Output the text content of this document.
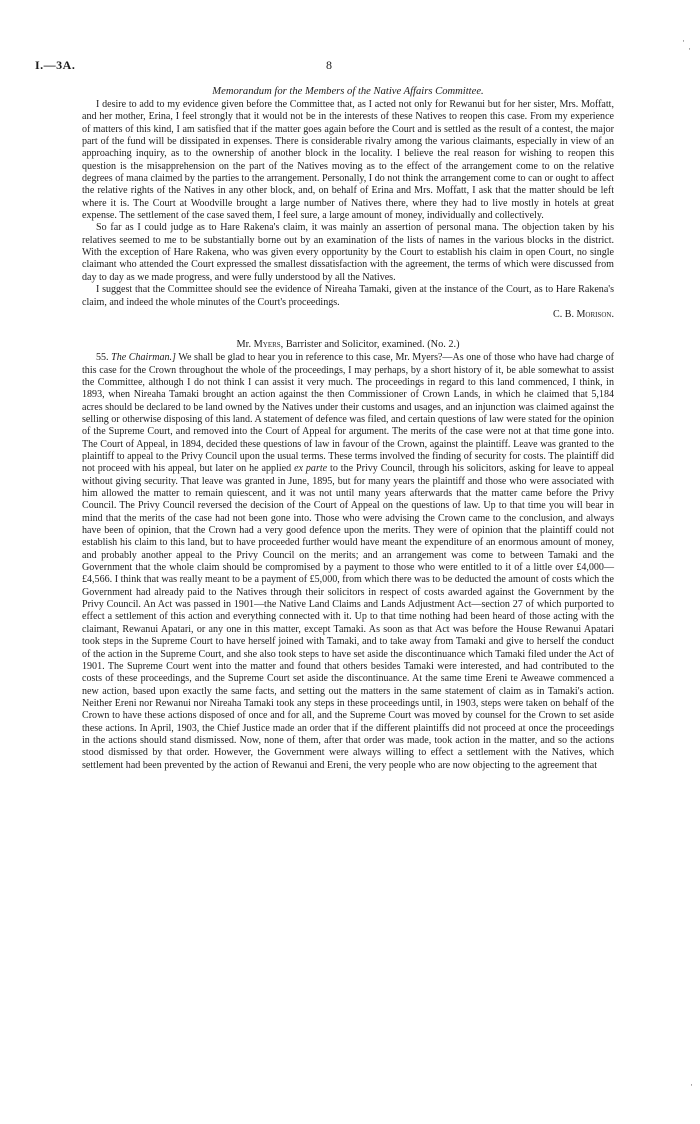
·
·
·
I.—3A.	8
Memorandum for the Members of the Native Affairs Committee.

I desire to add to my evidence given before the Committee that, as I acted not only for Rewanui but for her sister, Mrs. Moffatt, and her mother, Erina, I feel strongly that it would not be in the interests of these Natives to reopen this case. From my experience of matters of this kind, I am satisfied that if the matter goes again before the Court and is settled as the result of a contest, the major part of the fund will be dissipated in expenses. There is considerable rivalry among the various claimants, especially in view of an approaching inquiry, as to the ownership of another block in the locality. I believe the real reason for wishing to reopen this question is the misapprehension on the part of the Natives moving as to the effect of the arrangement come to on the relative degrees of mana claimed by the parties to the arrangement. Personally, I do not think the arrangement come to can or ought to affect the relative rights of the Natives in any other block, and, on behalf of Erina and Mrs. Moffatt, I ask that the matter should be left where it is. The Court at Woodville brought a large number of Natives there, where they had to live mostly in hotels at great expense. The settlement of the case saved them, I feel sure, a large amount of money, individually and collectively.

So far as I could judge as to Hare Rakena's claim, it was mainly an assertion of personal mana. The objection taken by his relatives seemed to me to be substantially borne out by an examination of the lists of names in the various blocks in the district. With the exception of Hare Rakena, who was given every opportunity by the Court to establish his claim in open Court, no single claimant who attended the Court expressed the smallest dissatisfaction with the agreement, the terms of which were discussed from day to day as we made progress, and were fully understood by all the Natives.

I suggest that the Committee should see the evidence of Nireaha Tamaki, given at the instance of the Court, as to Hare Rakena's claim, and indeed the whole minutes of the Court's proceedings.

C. B. Morison.
Mr. Myers, Barrister and Solicitor, examined. (No. 2.)

55. The Chairman.] We shall be glad to hear you in reference to this case, Mr. Myers?—As one of those who have had charge of this case for the Crown throughout the whole of the proceedings, I may perhaps, by a short history of it, be able somewhat to assist the Committee, although I do not think I can assist it very much. The proceedings in regard to this land commenced, I think, in 1893, when Nireaha Tamaki brought an action against the then Commissioner of Crown Lands, in which he claimed that 5,184 acres should be declared to be land owned by the Natives under their customs and usages, and an injunction was claimed against the selling or otherwise disposing of this land. A statement of defence was filed, and certain questions of law were stated for the opinion of the Supreme Court, and removed into the Court of Appeal for argument. The merits of the case were not at that time gone into. The Court of Appeal, in 1894, decided these questions of law in favour of the Crown, against the plaintiff. Leave was granted to the plaintiff to appeal to the Privy Council upon the usual terms. These terms involved the finding of security for costs. The plaintiff did not proceed with his appeal, but later on he applied ex parte to the Privy Council, through his solicitors, asking for leave to appeal without giving security. That leave was granted in June, 1895, but for many years the plaintiff and those who were associated with him allowed the matter to remain quiescent, and it was not until many years afterwards that the matter came before the Privy Council. The Privy Council reversed the decision of the Court of Appeal on the questions of law. Up to that time you will bear in mind that the merits of the case had not been gone into. Those who were advising the Crown came to the conclusion, and always have been of opinion, that the Crown had a very good defence upon the merits. They were of opinion that the plaintiff could not establish his claim to this land, but to have proceeded further would have meant the expenditure of an enormous amount of money, and probably another appeal to the Privy Council on the merits; and an arrangement was come to between Tamaki and the Government that the whole claim should be compromised by a payment to those who were entitled to it of a little over £4,000—£4,566. I think that was really meant to be a payment of £5,000, from which there was to be deducted the amount of costs which the Government had already paid to the Natives through their solicitors in respect of costs awarded against the Government by the Privy Council. An Act was passed in 1901—the Native Land Claims and Lands Adjustment Act—section 27 of which purported to effect a settlement of this action and everything connected with it. Up to that time nothing had been heard of those acting with the claimant, Rewanui Apatari, or any one in this matter, except Tamaki. As soon as that Act was before the House Rewanui Apatari took steps in the Supreme Court to have herself joined with Tamaki, and to take away from Tamaki and give to herself the conduct of the action in the Supreme Court, and she also took steps to have set aside the discontinuance which Tamaki filed under the Act of 1901. The Supreme Court went into the matter and found that others besides Tamaki were interested, and had contributed to the costs of these proceedings, and the Supreme Court set aside the discontinuance. At the same time Ereni te Aweawe commenced a new action, based upon exactly the same facts, and setting out the matters in the same statement of claim as in Tamaki's action. Neither Ereni nor Rewanui nor Nireaha Tamaki took any steps in these proceedings until, in 1903, steps were taken on behalf of the Crown to have these actions disposed of once and for all, and the Supreme Court was moved by counsel for the Crown to set aside these actions. In April, 1903, the Chief Justice made an order that if the different plaintiffs did not proceed at once the proceedings in the actions should stand dismissed. Now, none of them, after that order was made, took action in the matter, and so the actions stood dismissed by that order. However, the Government were always willing to effect a settlement with the Natives, which settlement had been prevented by the action of Rewanui and Ereni, the very people who are now objecting to the agreement that
